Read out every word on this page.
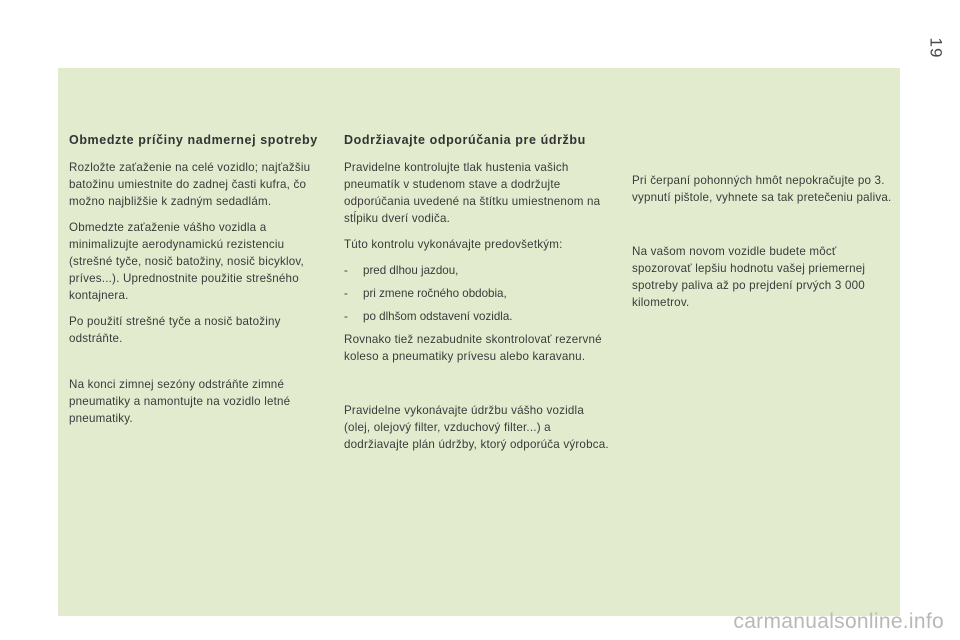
19
Obmedzte príčiny nadmernej spotreby

Rozložte zaťaženie na celé vozidlo; najťažšiu batožinu umiestnite do zadnej časti kufra, čo možno najbližšie k zadným sedadlám.

Obmedzte zaťaženie vášho vozidla a minimalizujte aerodynamickú rezistenciu (strešné tyče, nosič batožiny, nosič bicyklov, príves...). Uprednostnite použitie strešného kontajnera.

Po použití strešné tyče a nosič batožiny odstráňte.

Na konci zimnej sezóny odstráňte zimné pneumatiky a namontujte na vozidlo letné pneumatiky.

Dodržiavajte odporúčania pre údržbu

Pravidelne kontrolujte tlak hustenia vašich pneumatík v studenom stave a dodržujte odporúčania uvedené na štítku umiestnenom na stĺpiku dverí vodiča.

Túto kontrolu vykonávajte predovšetkým:

- pred dlhou jazdou,
- pri zmene ročného obdobia,
- po dlhšom odstavení vozidla.

Rovnako tiež nezabudnite skontrolovať rezervné koleso a pneumatiky prívesu alebo karavanu.

Pravidelne vykonávajte údržbu vášho vozidla (olej, olejový filter, vzduchový filter...) a dodržiavajte plán údržby, ktorý odporúča výrobca.

Pri čerpaní pohonných hmôt nepokračujte po 3. vypnutí pištole, vyhnete sa tak pretečeniu paliva.

Na vašom novom vozidle budete môcť spozorovať lepšiu hodnotu vašej priemernej spotreby paliva až po prejdení prvých 3 000 kilometrov.

carmanualsonline.info
